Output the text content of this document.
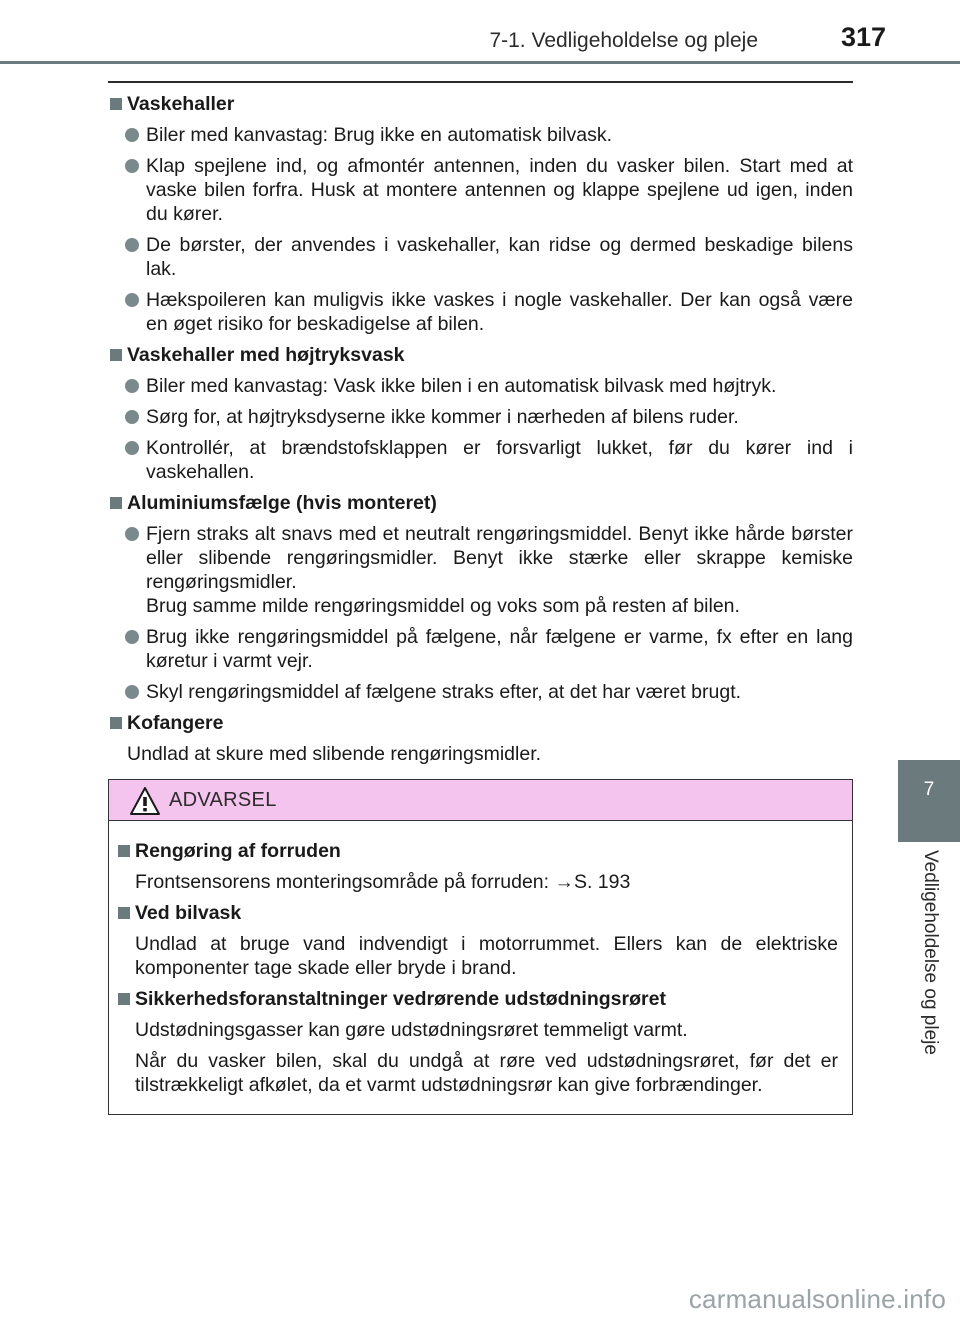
7-1. Vedligeholdelse og pleje	317
7
Vedligeholdelse og pleje
Vaskehaller
Biler med kanvastag: Brug ikke en automatisk bilvask.
Klap spejlene ind, og afmontér antennen, inden du vasker bilen. Start med at vaske bilen forfra. Husk at montere antennen og klappe spejlene ud igen, inden du kører.
De børster, der anvendes i vaskehaller, kan ridse og dermed beskadige bilens lak.
Hækspoileren kan muligvis ikke vaskes i nogle vaskehaller. Der kan også være en øget risiko for beskadigelse af bilen.
Vaskehaller med højtryksvask
Biler med kanvastag: Vask ikke bilen i en automatisk bilvask med højtryk.
Sørg for, at højtryksdyserne ikke kommer i nærheden af bilens ruder.
Kontrollér, at brændstofsklappen er forsvarligt lukket, før du kører ind i vaskehallen.
Aluminiumsfælge (hvis monteret)
Fjern straks alt snavs med et neutralt rengøringsmiddel. Benyt ikke hårde børster eller slibende rengøringsmidler. Benyt ikke stærke eller skrappe kemiske rengøringsmidler.
Brug samme milde rengøringsmiddel og voks som på resten af bilen.
Brug ikke rengøringsmiddel på fælgene, når fælgene er varme, fx efter en lang køretur i varmt vejr.
Skyl rengøringsmiddel af fælgene straks efter, at det har været brugt.
Kofangere
Undlad at skure med slibende rengøringsmidler.
ADVARSEL
Rengøring af forruden
Frontsensorens monteringsområde på forruden: →S. 193
Ved bilvask
Undlad at bruge vand indvendigt i motorrummet. Ellers kan de elektriske komponenter tage skade eller bryde i brand.
Sikkerhedsforanstaltninger vedrørende udstødningsrøret
Udstødningsgasser kan gøre udstødningsrøret temmeligt varmt.
Når du vasker bilen, skal du undgå at røre ved udstødningsrøret, før det er tilstrækkeligt afkølet, da et varmt udstødningsrør kan give forbrændinger.
carmanualsonline.info
